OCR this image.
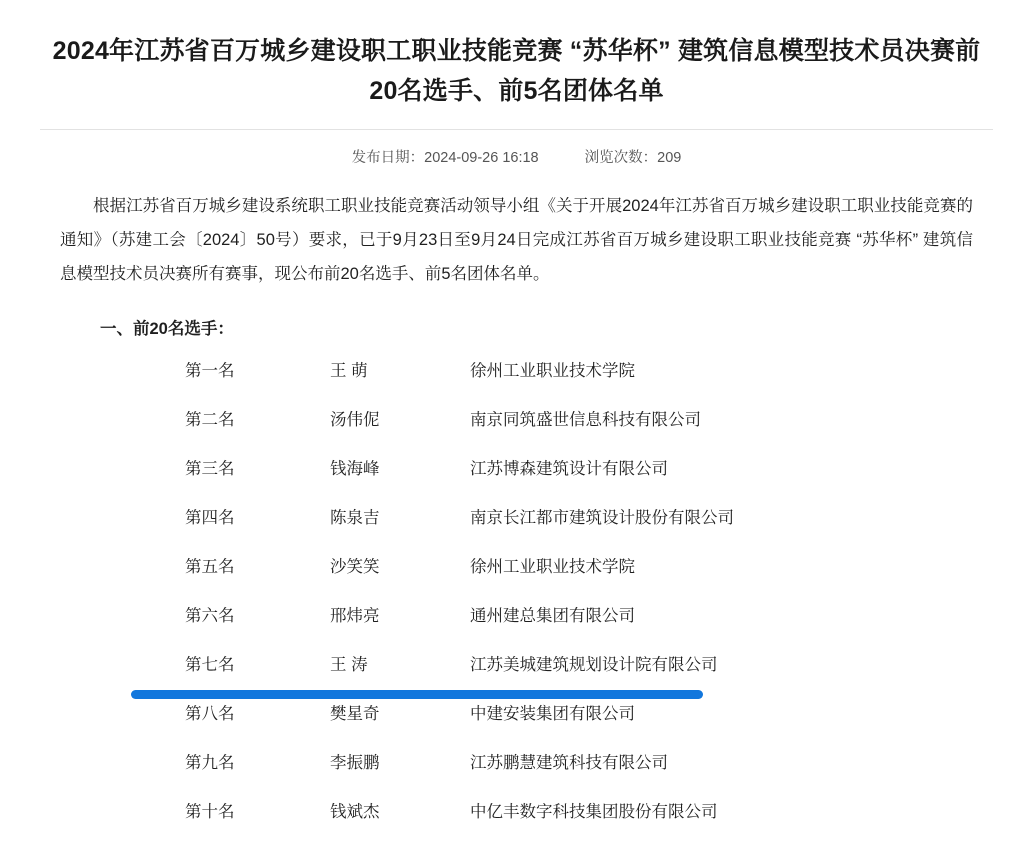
2024年江苏省百万城乡建设职工职业技能竞赛 “苏华杯” 建筑信息模型技术员决赛前20名选手、前5名团体名单
发布日期：2024-09-26 16:18	浏览次数：209

根据江苏省百万城乡建设系统职工职业技能竞赛活动领导小组《关于开展2024年江苏省百万城乡建设职工职业技能竞赛的通知》（苏建工会〔2024〕50号）要求，已于9月23日至9月24日完成江苏省百万城乡建设职工职业技能竞赛 “苏华杯” 建筑信息模型技术员决赛所有赛事，现公布前20名选手、前5名团体名单。

一、前20名选手：
第一名	王 萌	徐州工业职业技术学院
第二名	汤伟伲	南京同筑盛世信息科技有限公司
第三名	钱海峰	江苏博森建筑设计有限公司
第四名	陈泉吉	南京长江都市建筑设计股份有限公司
第五名	沙笑笑	徐州工业职业技术学院
第六名	邢炜亮	通州建总集团有限公司
第七名	王 涛	江苏美城建筑规划设计院有限公司
第八名	樊星奇	中建安装集团有限公司
第九名	李振鹏	江苏鹏慧建筑科技有限公司
第十名	钱斌杰	中亿丰数字科技集团股份有限公司
